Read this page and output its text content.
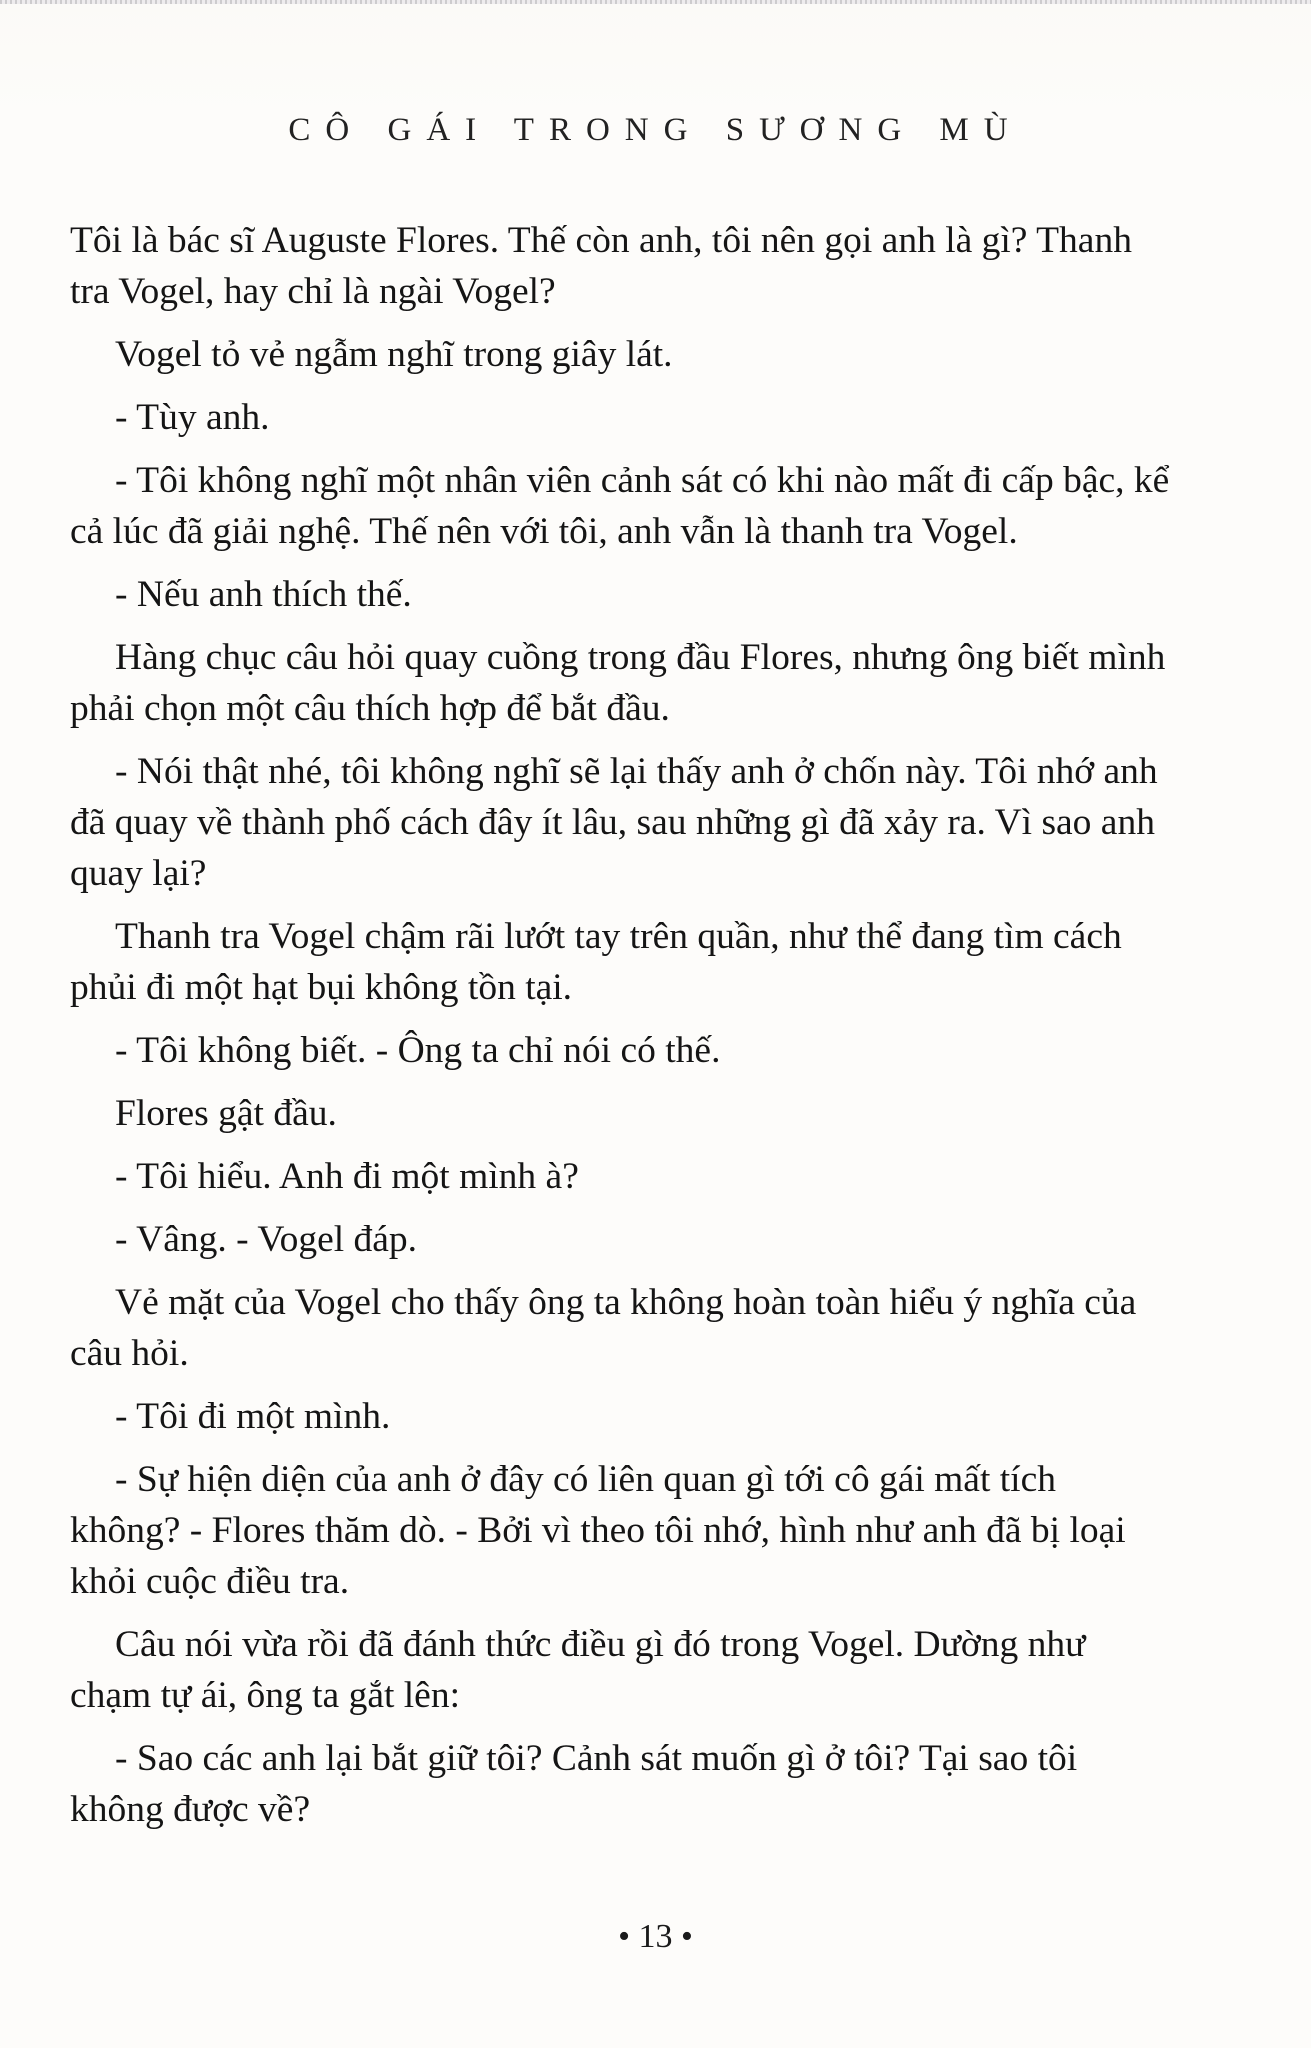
CÔ GÁI TRONG SƯƠNG MÙ

Tôi là bác sĩ Auguste Flores. Thế còn anh, tôi nên gọi anh là gì? Thanh tra Vogel, hay chỉ là ngài Vogel?

Vogel tỏ vẻ ngẫm nghĩ trong giây lát.

- Tùy anh.

- Tôi không nghĩ một nhân viên cảnh sát có khi nào mất đi cấp bậc, kể cả lúc đã giải nghệ. Thế nên với tôi, anh vẫn là thanh tra Vogel.

- Nếu anh thích thế.

Hàng chục câu hỏi quay cuồng trong đầu Flores, nhưng ông biết mình phải chọn một câu thích hợp để bắt đầu.

- Nói thật nhé, tôi không nghĩ sẽ lại thấy anh ở chốn này. Tôi nhớ anh đã quay về thành phố cách đây ít lâu, sau những gì đã xảy ra. Vì sao anh quay lại?

Thanh tra Vogel chậm rãi lướt tay trên quần, như thể đang tìm cách phủi đi một hạt bụi không tồn tại.

- Tôi không biết. - Ông ta chỉ nói có thế.

Flores gật đầu.

- Tôi hiểu. Anh đi một mình à?

- Vâng. - Vogel đáp.

Vẻ mặt của Vogel cho thấy ông ta không hoàn toàn hiểu ý nghĩa của câu hỏi.

- Tôi đi một mình.

- Sự hiện diện của anh ở đây có liên quan gì tới cô gái mất tích không? - Flores thăm dò. - Bởi vì theo tôi nhớ, hình như anh đã bị loại khỏi cuộc điều tra.

Câu nói vừa rồi đã đánh thức điều gì đó trong Vogel. Dường như chạm tự ái, ông ta gắt lên:

- Sao các anh lại bắt giữ tôi? Cảnh sát muốn gì ở tôi? Tại sao tôi không được về?

• 13 •
